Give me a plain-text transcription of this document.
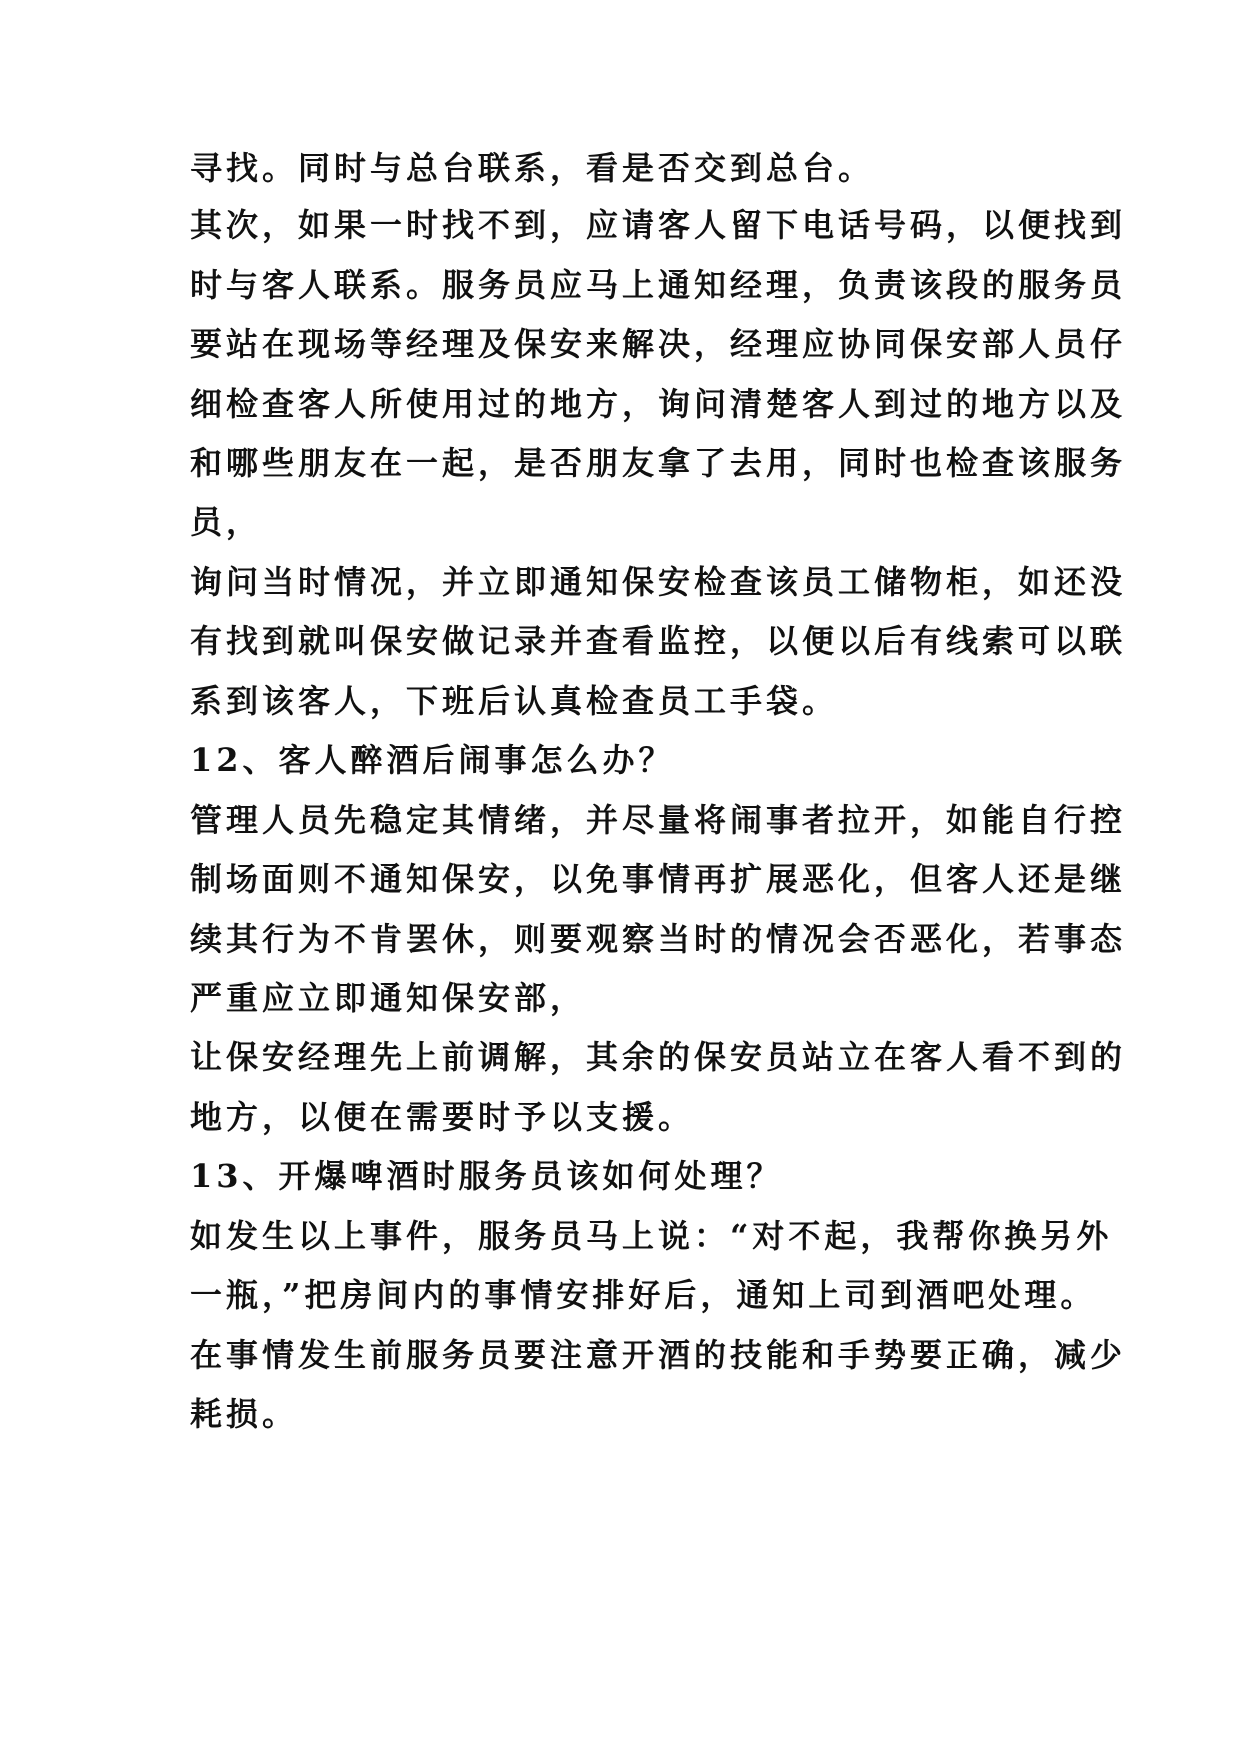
寻找。同时与总台联系，看是否交到总台。
其次，如果一时找不到，应请客人留下电话号码，以便找到
时与客人联系。服务员应马上通知经理，负责该段的服务员
要站在现场等经理及保安来解决，经理应协同保安部人员仔
细检查客人所使用过的地方，询问清楚客人到过的地方以及
和哪些朋友在一起，是否朋友拿了去用，同时也检查该服务
员，
询问当时情况，并立即通知保安检查该员工储物柜，如还没
有找到就叫保安做记录并查看监控，以便以后有线索可以联
系到该客人，下班后认真检查员工手袋。
12、客人醉酒后闹事怎么办？
管理人员先稳定其情绪，并尽量将闹事者拉开，如能自行控
制场面则不通知保安，以免事情再扩展恶化，但客人还是继
续其行为不肯罢休，则要观察当时的情况会否恶化，若事态
严重应立即通知保安部，
让保安经理先上前调解，其余的保安员站立在客人看不到的
地方，以便在需要时予以支援。
13、开爆啤酒时服务员该如何处理？
如发生以上事件，服务员马上说：“对不起，我帮你换另外
一瓶，”把房间内的事情安排好后，通知上司到酒吧处理。
在事情发生前服务员要注意开酒的技能和手势要正确，减少
耗损。
